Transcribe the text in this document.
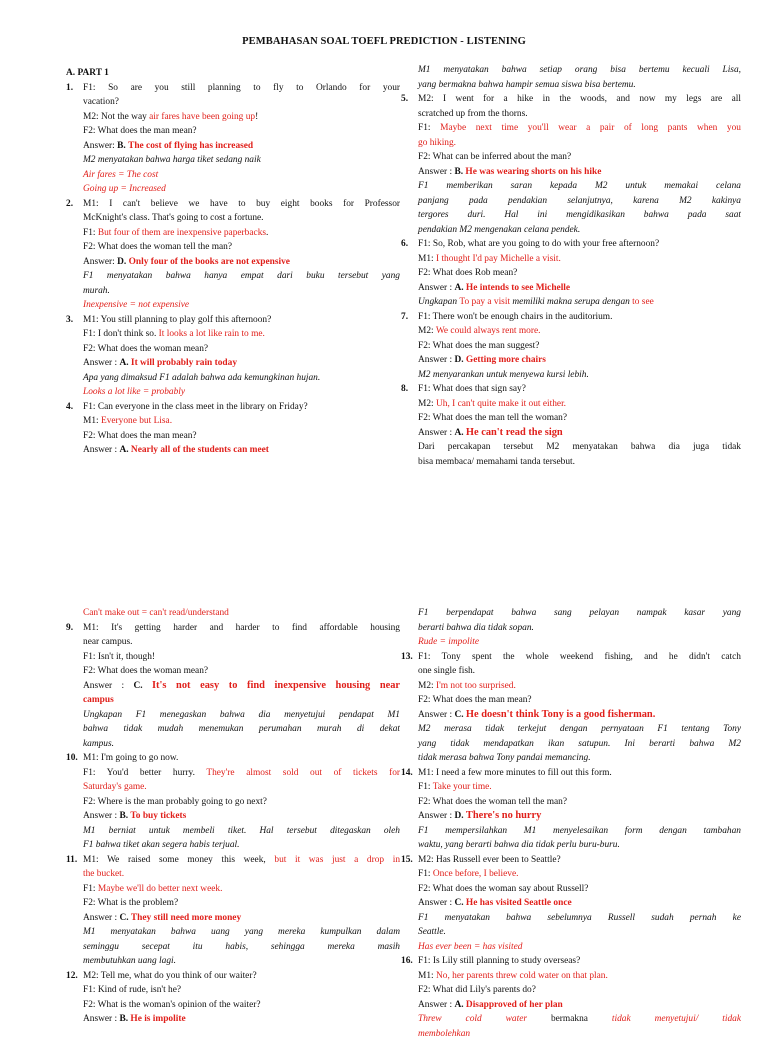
PEMBAHASAN SOAL TOEFL PREDICTION - LISTENING
A. PART 1
1. F1: So are you still planning to fly to Orlando for your
vacation?
M2: Not the way air fares have been going up!
F2: What does the man mean?
Answer: B. The cost of flying has increased
M2 menyatakan bahwa harga tiket sedang naik
Air fares = The cost
Going up = Increased
2. M1: I can't believe we have to buy eight books for Professor
McKnight's class. That's going to cost a fortune.
F1: But four of them are inexpensive paperbacks.
F2: What does the woman tell the man?
Answer: D. Only four of the books are not expensive
F1 menyatakan bahwa hanya empat dari buku tersebut yang
murah.
Inexpensive = not expensive
3. M1: You still planning to play golf this afternoon?
F1: I don't think so. It looks a lot like rain to me.
F2: What does the woman mean?
Answer : A. It will probably rain today
Apa yang dimaksud F1 adalah bahwa ada kemungkinan hujan.
Looks a lot like = probably
4. F1: Can everyone in the class meet in the library on Friday?
M1: Everyone but Lisa.
F2: What does the man mean?
Answer : A. Nearly all of the students can meet
M1 menyatakan bahwa setiap orang bisa bertemu kecuali Lisa,
yang bermakna bahwa hampir semua siswa bisa bertemu.
5. M2: I went for a hike in the woods, and now my legs are all
scratched up from the thorns.
F1: Maybe next time you'll wear a pair of long pants when you
go hiking.
F2: What can be inferred about the man?
Answer : B. He was wearing shorts on his hike
F1 memberikan saran kepada M2 untuk memakai celana
panjang pada pendakian selanjutnya, karena M2 kakinya
tergores duri. Hal ini mengidikasikan bahwa pada saat
pendakian M2 mengenakan celana pendek.
6. F1: So, Rob, what are you going to do with your free afternoon?
M1: I thought I'd pay Michelle a visit.
F2: What does Rob mean?
Answer : A. He intends to see Michelle
Ungkapan To pay a visit memiliki makna serupa dengan to see
7. F1: There won't be enough chairs in the auditorium.
M2: We could always rent more.
F2: What does the man suggest?
Answer : D. Getting more chairs
M2 menyarankan untuk menyewa kursi lebih.
8. F1: What does that sign say?
M2: Uh, I can't quite make it out either.
F2: What does the man tell the woman?
Answer : A. He can't read the sign
Dari percakapan tersebut M2 menyatakan bahwa dia juga tidak
bisa membaca/ memahami tanda tersebut.
Can't make out = can't read/understand
9. M1: It's getting harder and harder to find affordable housing
near campus.
F1: Isn't it, though!
F2: What does the woman mean?
Answer : C. It's not easy to find inexpensive housing near
campus
Ungkapan F1 menegaskan bahwa dia menyetujui pendapat M1
bahwa tidak mudah menemukan perumahan murah di dekat
kampus.
10. M1: I'm going to go now.
F1: You'd better hurry. They're almost sold out of tickets for
Saturday's game.
F2: Where is the man probably going to go next?
Answer : B. To buy tickets
M1 berniat untuk membeli tiket. Hal tersebut ditegaskan oleh
F1 bahwa tiket akan segera habis terjual.
11. M1: We raised some money this week, but it was just a drop in
the bucket.
F1: Maybe we'll do better next week.
F2: What is the problem?
Answer : C. They still need more money
M1 menyatakan bahwa uang yang mereka kumpulkan dalam
seminggu secepat itu habis, sehingga mereka masih
membutuhkan uang lagi.
12. M2: Tell me, what do you think of our waiter?
F1: Kind of rude, isn't he?
F2: What is the woman's opinion of the waiter?
Answer : B. He is impolite
F1 berpendapat bahwa sang pelayan nampak kasar yang
berarti bahwa dia tidak sopan.
Rude = impolite
13. F1: Tony spent the whole weekend fishing, and he didn't catch
one single fish.
M2: I'm not too surprised.
F2: What does the man mean?
Answer : C. He doesn't think Tony is a good fisherman.
M2 merasa tidak terkejut dengan pernyataan F1 tentang Tony
yang tidak mendapatkan ikan satupun. Ini berarti bahwa M2
tidak merasa bahwa Tony pandai memancing.
14. M1: I need a few more minutes to fill out this form.
F1: Take your time.
F2: What does the woman tell the man?
Answer : D. There's no hurry
F1 mempersilahkan M1 menyelesaikan form dengan tambahan
waktu, yang berarti bahwa dia tidak perlu buru-buru.
15. M2: Has Russell ever been to Seattle?
F1: Once before, I believe.
F2: What does the woman say about Russell?
Answer : C. He has visited Seattle once
F1 menyatakan bahwa sebelumnya Russell sudah pernah ke
Seattle.
Has ever been = has visited
16. F1: Is Lily still planning to study overseas?
M1: No, her parents threw cold water on that plan.
F2: What did Lily's parents do?
Answer : A. Disapproved of her plan
Threw cold water bermakna tidak menyetujui/ tidak
membolehkan
